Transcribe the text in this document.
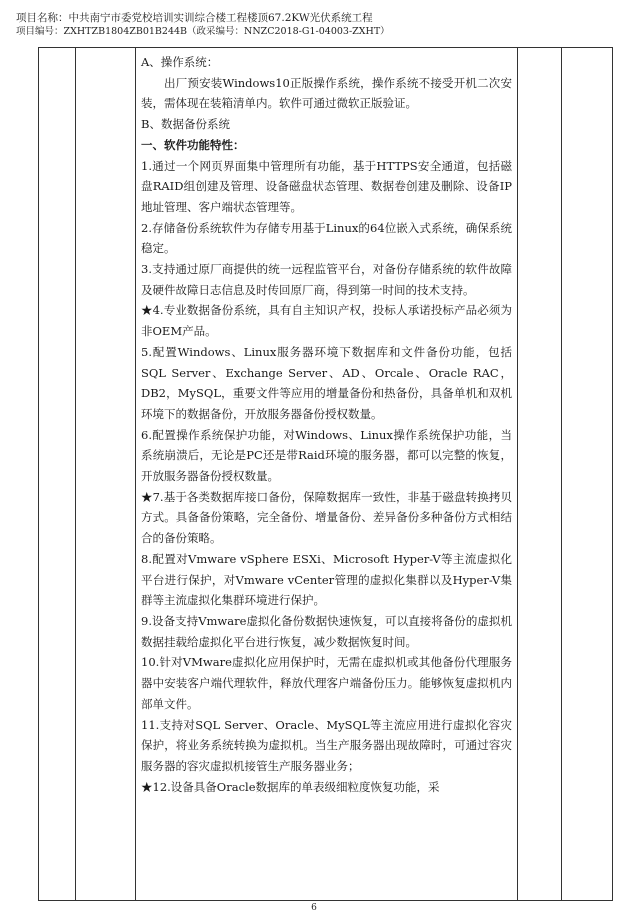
项目名称：中共南宁市委党校培训实训综合楼工程楼顶67.2KW光伏系统工程
项目编号：ZXHTZB1804ZB01B244B（政采编号：NNZC2018-G1-04003-ZXHT）

A、操作系统：

出厂预安装Windows10正版操作系统，操作系统不接受开机二次安装，需体现在装箱清单内。软件可通过微软正版验证。

B、数据备份系统

一、软件功能特性：

1.通过一个网页界面集中管理所有功能，基于HTTPS安全通道，包括磁盘RAID组创建及管理、设备磁盘状态管理、数据卷创建及删除、设备IP地址管理、客户端状态管理等。

2.存储备份系统软件为存储专用基于Linux的64位嵌入式系统，确保系统稳定。

3.支持通过原厂商提供的统一远程监管平台，对备份存储系统的软件故障及硬件故障日志信息及时传回原厂商，得到第一时间的技术支持。

★4.专业数据备份系统，具有自主知识产权，投标人承诺投标产品必须为非OEM产品。

5.配置Windows、Linux服务器环境下数据库和文件备份功能，包括SQL Server、Exchange Server、AD、Orcale、Oracle RAC，DB2，MySQL，重要文件等应用的增量备份和热备份，具备单机和双机环境下的数据备份，开放服务器备份授权数量。

6.配置操作系统保护功能，对Windows、Linux操作系统保护功能，当系统崩溃后，无论是PC还是带Raid环境的服务器，都可以完整的恢复，开放服务器备份授权数量。

★7.基于各类数据库接口备份，保障数据库一致性，非基于磁盘转换拷贝方式。具备备份策略，完全备份、增量备份、差异备份多种备份方式相结合的备份策略。

8.配置对Vmware vSphere ESXi、Microsoft Hyper-V等主流虚拟化平台进行保护，对Vmware vCenter管理的虚拟化集群以及Hyper-V集群等主流虚拟化集群环境进行保护。

9.设备支持Vmware虚拟化备份数据快速恢复，可以直接将备份的虚拟机数据挂载给虚拟化平台进行恢复，减少数据恢复时间。

10.针对VMware虚拟化应用保护时，无需在虚拟机或其他备份代理服务器中安装客户端代理软件，释放代理客户端备份压力。能够恢复虚拟机内部单文件。

11.支持对SQL Server、Oracle、MySQL等主流应用进行虚拟化容灾保护，将业务系统转换为虚拟机。当生产服务器出现故障时，可通过容灾服务器的容灾虚拟机接管生产服务器业务；

★12.设备具备Oracle数据库的单表级细粒度恢复功能，采

6
